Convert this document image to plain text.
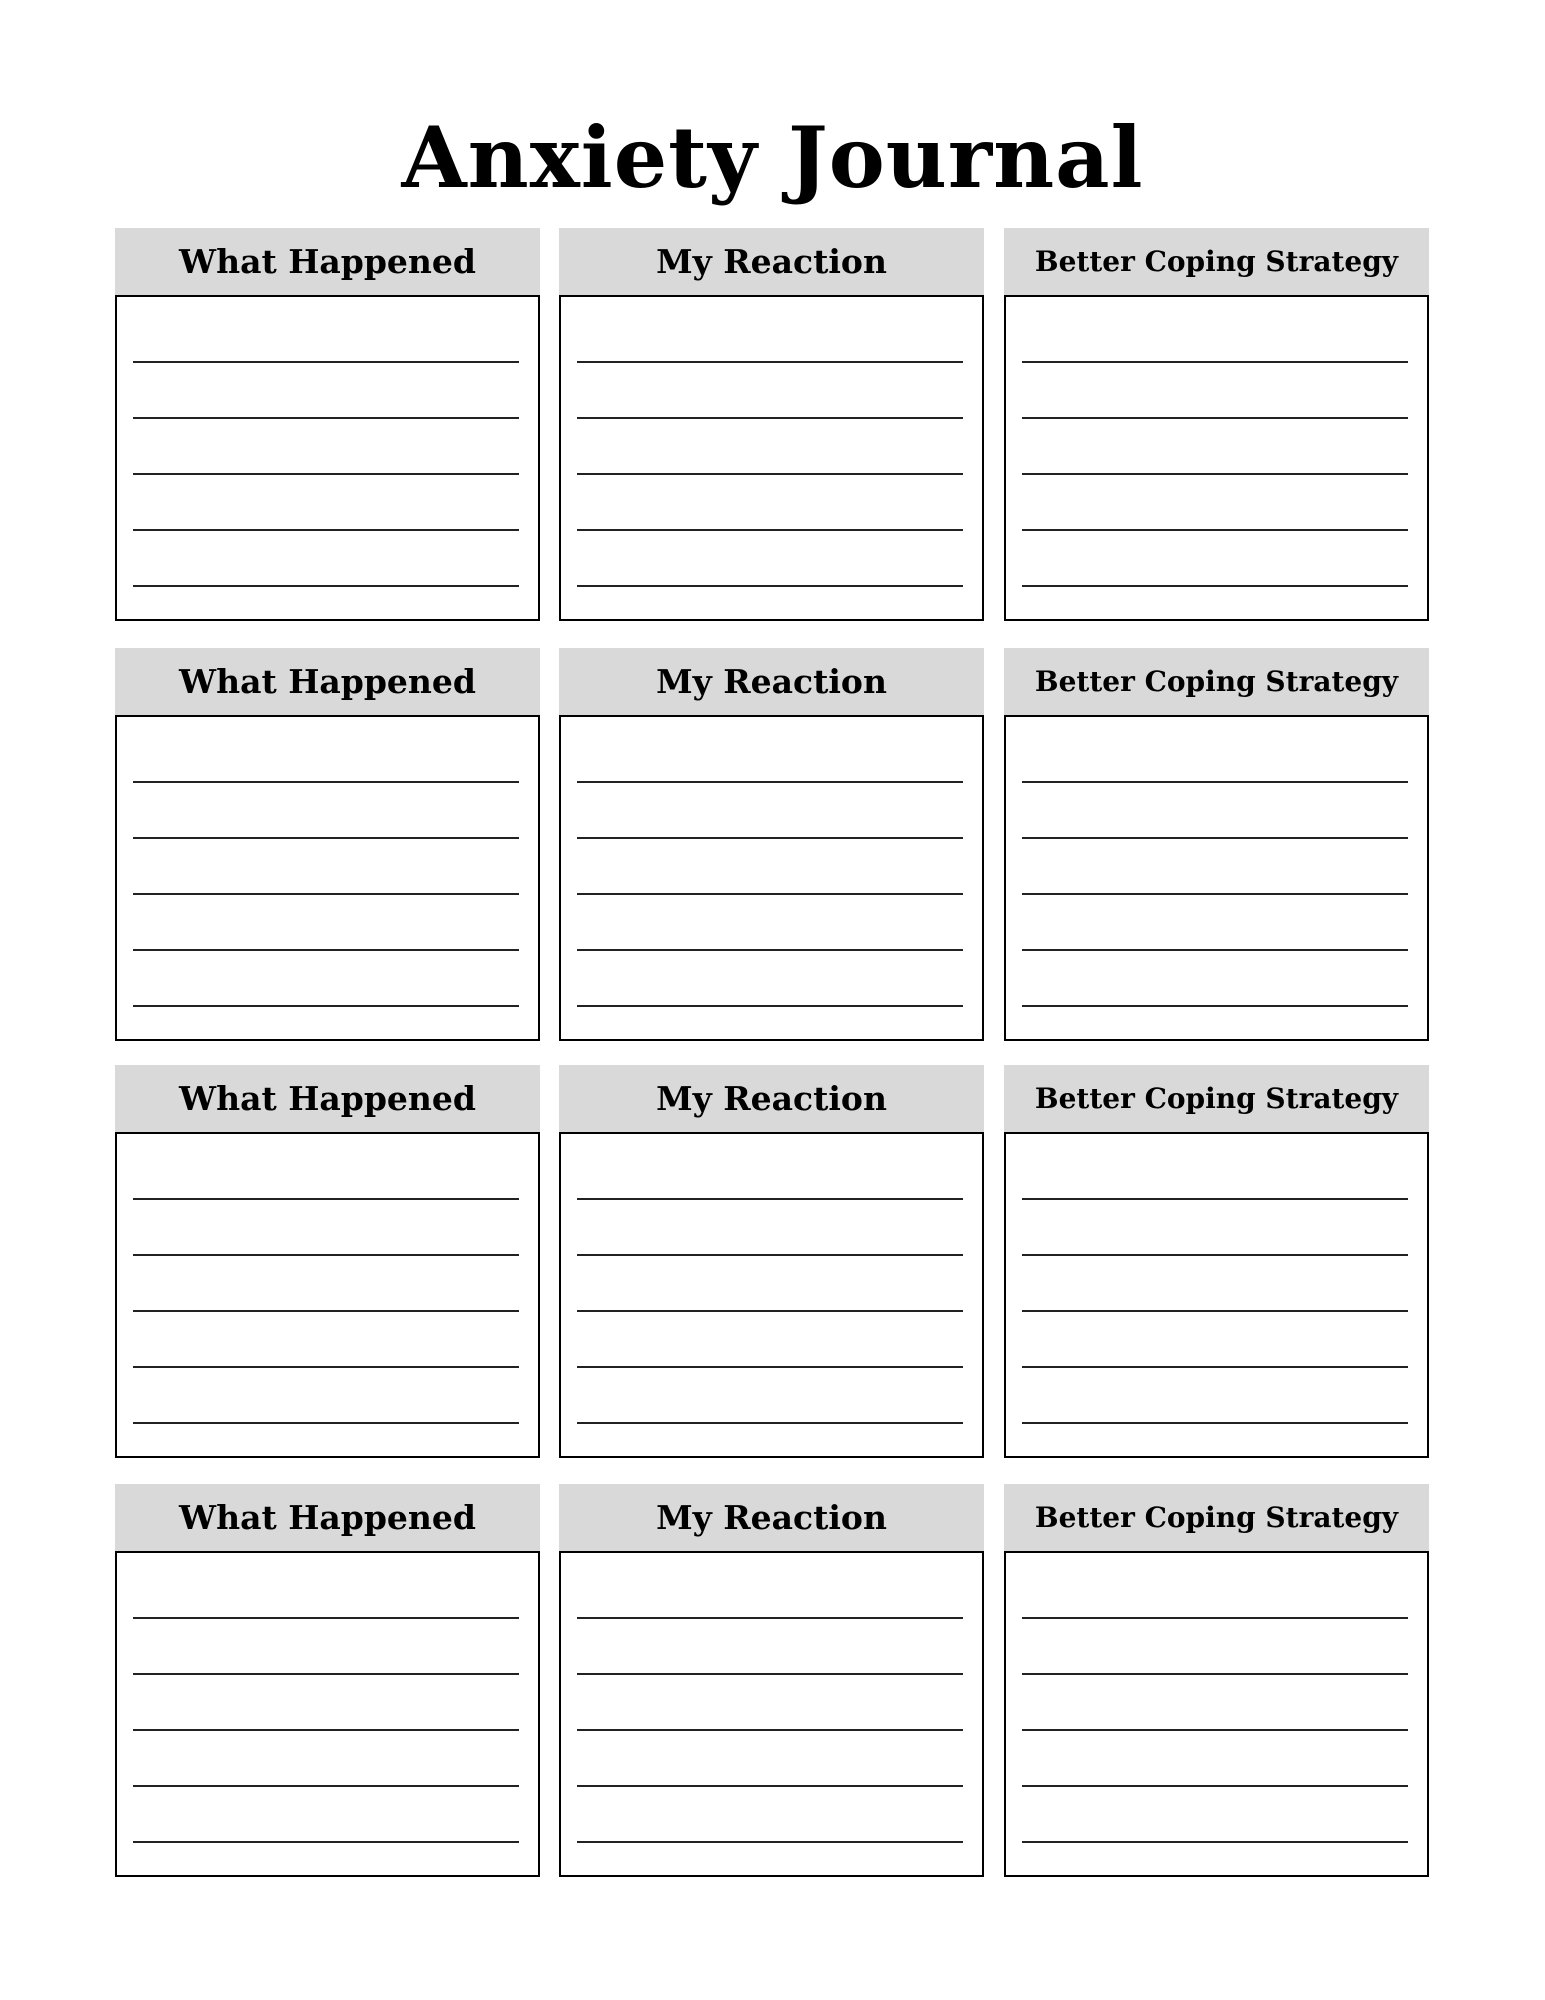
Anxiety Journal
What Happened	My Reaction	Better Coping Strategy
What Happened	My Reaction	Better Coping Strategy
What Happened	My Reaction	Better Coping Strategy
What Happened	My Reaction	Better Coping Strategy
